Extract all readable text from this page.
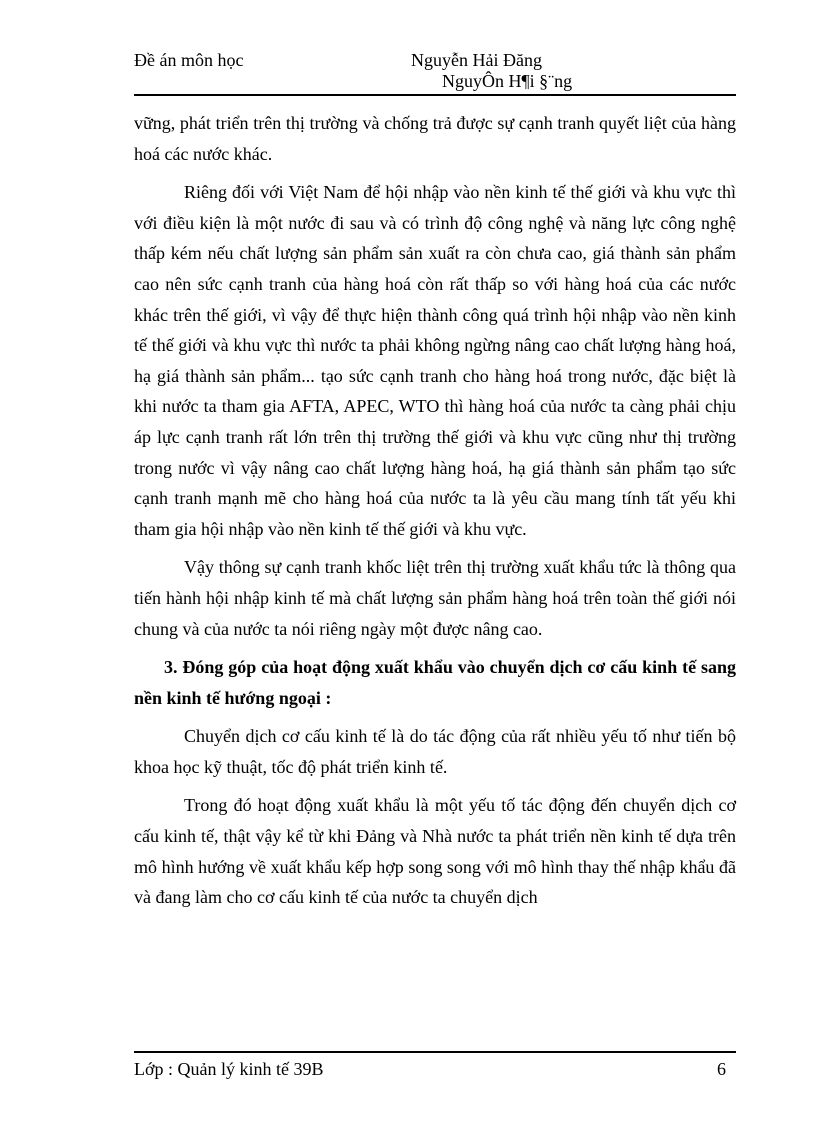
Đề án môn học	Nguyễn Hải Đăng
NguyÔn H¶i §¨ng

vững, phát triển trên thị trường và chống trả được sự cạnh tranh quyết liệt của hàng hoá các nước khác.

Riêng đối với Việt Nam để hội nhập vào nền kinh tế thế giới và khu vực thì với điều kiện là một nước đi sau và có trình độ công nghệ và năng lực công nghệ thấp kém nếu chất lượng sản phẩm sản xuất ra còn chưa cao, giá thành sản phẩm cao nên sức cạnh tranh của hàng hoá còn rất thấp so với hàng hoá của các nước khác trên thế giới, vì vậy để thực hiện thành công quá trình hội nhập vào nền kinh tế thế giới và khu vực thì nước ta phải không ngừng nâng cao chất lượng hàng hoá, hạ giá thành sản phẩm... tạo sức cạnh tranh cho hàng hoá trong nước, đặc biệt là khi nước ta tham gia AFTA, APEC, WTO thì hàng hoá của nước ta càng phải chịu áp lực cạnh tranh rất lớn trên thị trường thế giới và khu vực cũng như thị trường trong nước vì vậy nâng cao chất lượng hàng hoá, hạ giá thành sản phẩm tạo sức cạnh tranh mạnh mẽ cho hàng hoá của nước ta là yêu cầu mang tính tất yếu khi tham gia hội nhập vào nền kinh tế thế giới và khu vực.

Vậy thông sự cạnh tranh khốc liệt trên thị trường xuất khẩu tức là thông qua tiến hành hội nhập kinh tế mà chất lượng sản phẩm hàng hoá trên toàn thế giới nói chung và của nước ta nói riêng ngày một được nâng cao.

3. Đóng góp của hoạt động xuất khẩu vào chuyển dịch cơ cấu kinh tế sang nền kinh tế hướng ngoại :

Chuyển dịch cơ cấu kinh tế là do tác động của rất nhiều yếu tố như tiến bộ khoa học kỹ thuật, tốc độ phát triển kinh tế.

Trong đó hoạt động xuất khẩu là một yếu tố tác động đến chuyển dịch cơ cấu kinh tế, thật vậy kể từ khi Đảng và Nhà nước ta phát triển nền kinh tế dựa trên mô hình hướng về xuất khẩu kếp hợp song song với mô hình thay thế nhập khẩu đã và đang làm cho cơ cấu kinh tế của nước ta chuyển dịch

Lớp : Quản lý kinh tế 39B	6
